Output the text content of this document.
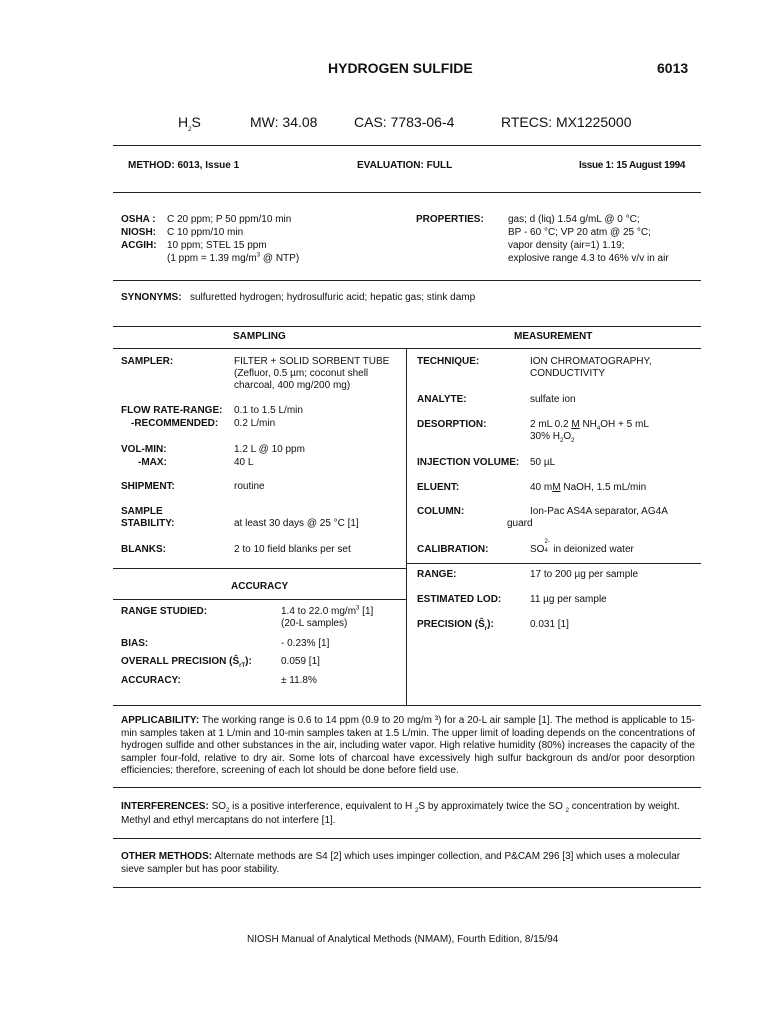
HYDROGEN SULFIDE	6013
$H_2S$	MW: 34.08	CAS: 7783-06-4	RTECS: MX1225000
METHOD: 6013, Issue 1	EVALUATION: FULL	Issue 1: 15 August 1994
OSHA : C 20 ppm; P 50 ppm/10 min
NIOSH: C 10 ppm/10 min
ACGIH: 10 ppm; STEL 15 ppm
(1 ppm = 1.39 $mg/m^3$ @ NTP)
PROPERTIES: gas; d (liq) 1.54 g/mL @ 0 °C;
BP - 60 °C; VP 20 atm @ 25 °C;
vapor density (air=1) 1.19;
explosive range 4.3 to 46% v/v in air
SYNONYMS: sulfuretted hydrogen; hydrosulfuric acid; hepatic gas; stink damp
SAMPLING	MEASUREMENT
SAMPLER:	FILTER + SOLID SORBENT TUBE
(Zefluor, 0.5 µm; coconut shell
charcoal, 400 mg/200 mg)
FLOW RATE-RANGE: 0.1 to 1.5 L/min
-RECOMMENDED: 0.2 L/min
VOL-MIN:	1.2 L @ 10 ppm
-MAX:	40 L
SHIPMENT:	routine
SAMPLE
STABILITY:	at least 30 days @ 25 °C [1]
BLANKS:	2 to 10 field blanks per set
ACCURACY
RANGE STUDIED:	1.4 to 22.0 $mg/m^3$ [1]
(20-L samples)
BIAS:	- 0.23% [1]
OVERALL PRECISION $(Ŝ_{rT})$:	0.059 [1]
ACCURACY:	± 11.8%
TECHNIQUE:	ION CHROMATOGRAPHY,
CONDUCTIVITY
ANALYTE:	sulfate ion
DESORPTION:	2 mL 0.2 M $NH_4OH + 5$ mL
30% $H_2O_2$
INJECTION VOLUME: 50 µL
ELUENT:	40 mM NaOH, 1.5 mL/min
COLUMN:	Ion-Pac AS4A separator, AG4A
guard
CALIBRATION:	SO
2-
4 in deionized water
RANGE:	17 to 200 µg per sample
ESTIMATED LOD:	11 µg per sample
PRECISION $(Ŝ_r)$:	0.031 [1]
APPLICABILITY: The working range is 0.6 to 14 ppm (0.9 to 20 mg/m ³) for a 20-L air sample [1]. The method is applicable to 15-min samples taken at 1 L/min and 10-min samples taken at 1.5 L/min. The upper limit of loading depends on the concentrations of hydrogen sulfide and other substances in the air, including water vapor. High relative humidity (80%) increases the capacity of the sampler four-fold, relative to dry air. Some lots of charcoal have excessively high sulfur backgroun ds and/or poor desorption efficiencies; therefore, screening of each lot should be done before field use.
INTERFERENCES: $SO_2$ is a positive interference, equivalent to H $_2$S by approximately twice the SO $_2$ concentration by weight.
Methyl and ethyl mercaptans do not interfere [1].
OTHER METHODS: Alternate methods are S4 [2] which uses impinger collection, and P&CAM 296 [3] which uses a molecular sieve sampler but has poor stability.
NIOSH Manual of Analytical Methods (NMAM), Fourth Edition, 8/15/94
